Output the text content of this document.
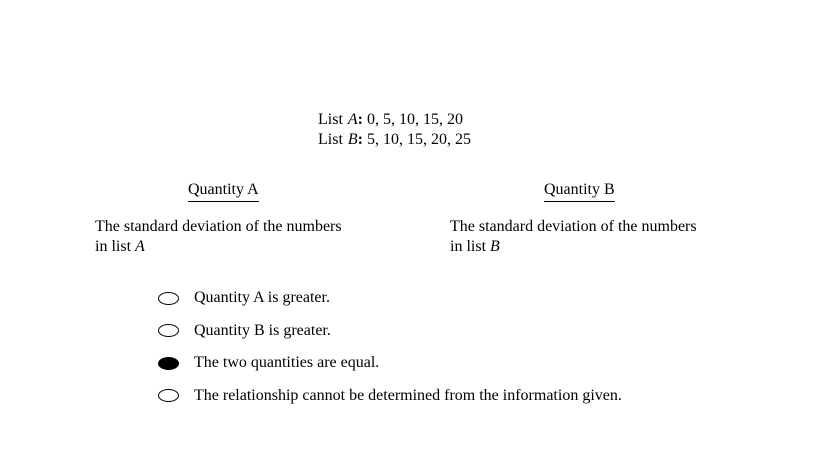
List A: 0, 5, 10, 15, 20
List B: 5, 10, 15, 20, 25
Quantity A	Quantity B
The standard deviation of the numbers
in list A
The standard deviation of the numbers
in list B
Quantity A is greater.
Quantity B is greater.
The two quantities are equal.
The relationship cannot be determined from the information given.
